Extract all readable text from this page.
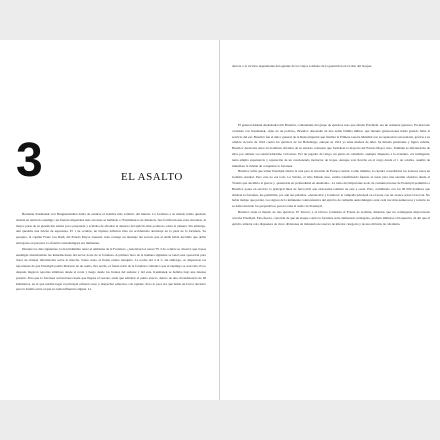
3	EL ASALTO

Hermann Kusmanek von Burgneustädten debía de sentirse el hombre más solitario del mundo. La fortaleza a su mando había quedado aislada en territorio enemigo: las fuerzas imperiales más cercanas se hallaban a 70 kilómetros de distancia. Sus fortificaciones eran obsoletas, la mayor parte de su guarnición estaba poco preparada y acababa de afrontar el anuncio del ejército más poderoso sobre el planeta. Sin embargo, aún quedaba una brizna de esperanza. El 1 de octubre, un biplano Albatros hizo un accidentado aterrizaje en la pista de la fortaleza. Su pasajero, el capitán Franz von Rudl, del Estado Mayor General, traía consigo un mensaje tan secreto que el AOK había decidido que debía entregarse en persona: la ofensiva austrohúngara era inminente.

Durante los días siguientes, la incertidumbre tensó el ambiente de la Fortaleza. ¿Atacarían los rusos? El 3 de octubre se observó que tropas enemigas abandonaban las inmediaciones del sector norte de la fortaleza. A primera hora de la mañana siguiente se lanzó una operación para tratar de obtener información sobre la marcha. Sobre estas, el frente estaba tranquilo. La noche del 4 al 5, sin embargo, se dispararon las reportantes de que Przemyśl podría liberarse en un asalto. Era noche, el frente norte de la fortaleza comunicó que el enemigo se acercaba. Poco después llegaron reportes similares desde el norte y luego desde los frentes del sudeste y del este. Kusmanek se hallaba bajo una intensa presión. Para que la fortaleza sobreviviera hasta que llegara el rescate, tenía que adivinar el punto exacto, dentro de una circunferencia de 48 kilómetros, en el que tendría lugar el principal esfuerzo ruso y despachar refuerzos con rapidez. Pero lo peor era que había un factor decisivo para la batalla sobre el que no tenía influencia alguna. La

derrota o la victoria dependerían del aguante de los viejos soldados de la guarnición en el sitio del bosque.

El general Alekséi Aleksándrovich Brusílov, comandante del grupo de ejércitos ruso que sitiaba Przemyśl, era un asistente guerrero. En marcado contraste con Kusmanek, «hijo de un policía», Brusílov descendía de una noble familia militar, que durante generaciones había ganado fama al servicio del zar. Brusílov fue el único general de la Rusia imperial que finalizó la Primera Guerra Mundial con su reputación acrecentada, gracias a su célebre victoria de 1916 contra los ejércitos de los Habsburgo, aunque en 1914 ya tenía madera de líder. Su mirada penetrante y figura esbelta, Brusílov destacaba entre los hombres oficiales de su entorno castrense que formaban la mayoría del Estado Mayor ruso. También se diferenciaba de ellos por rehusar su conservadurismo victorioso. Era un jugador de riesgo, un punto de caballería ‑siempre dispuesto a la aventura‑ era inteligente, tenía amplia experiencia y reputación de un concienzudo instructor de tropas. Aunque solo llevaba en el cargo desde el 1 de octubre, asumió de inmediato la misión de conquistar la fortaleza.

Brusílov sabía que tomar Przemyśl abriría la ruta para la invasión de Europa central. Como mínimo, la captura consolidaría los avances rusos en Galitzia oriental. Pero este no era todo. La Stavka, el Alto Mando ruso, estaba transfiriendo fuerzas al norte para una enorme ofensiva desde el Vístula que decidiría la guerra y ‑penetraría en profundidad en Alemania‑. La toma del importante nodo de comunicaciones de Przemyśl permitiría a Brusílov poner en servicio la principal línea de ferrocarril que atravesaba Galitzia de este a oeste. Esto, combinado con los 90 000 hombres que sitiaban la fortaleza, les permitiría, por aun sus palabras, «desarrollar y fortalecer la campaña principal en el norte con un avance sobre Cracovia. No había tiempo que perder. Los signos de la inminente contraofensiva del ejército de campaña austrohúngaro eran cada vez más numerosos y todavía no se había iniciado los preparativos para la toma al asalto de Przemyśl.

Brusílov tenía el mando de tres ejércitos. El Tercero y el Octavo formaban el Frente de Galitzia, mientras que un contingente improvisado cercaba Przemyśl. Esta fuerza, conocida de que un ataque contra la fortaleza sería demasiado arriesgado, prefería limitarse a bloquearla, de ahí que el ejército sitiador solo dispusiera de cinco divisiones de infantería de reserva de inferior categoría y de una división de caballería.
